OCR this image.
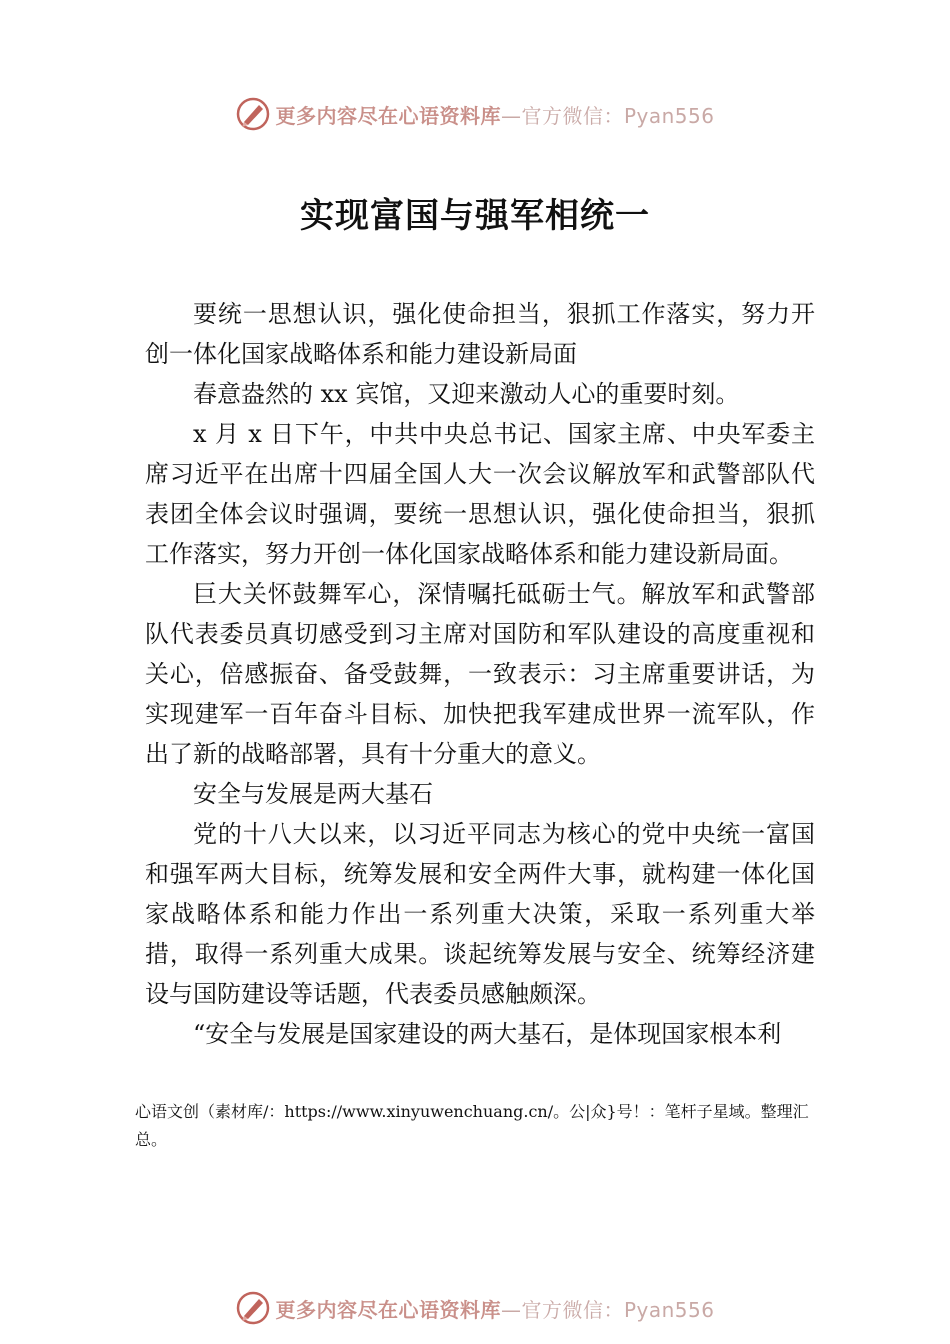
更多内容尽在心语资料库 —官方微信：Pyan556
实现富国与强军相统一

要统一思想认识，强化使命担当，狠抓工作落实，努力开创一体化国家战略体系和能力建设新局面

春意盎然的 xx 宾馆，又迎来激动人心的重要时刻。

x 月 x 日下午，中共中央总书记、国家主席、中央军委主席习近平在出席十四届全国人大一次会议解放军和武警部队代表团全体会议时强调，要统一思想认识，强化使命担当，狠抓工作落实，努力开创一体化国家战略体系和能力建设新局面。

巨大关怀鼓舞军心，深情嘱托砥砺士气。解放军和武警部队代表委员真切感受到习主席对国防和军队建设的高度重视和关心，倍感振奋、备受鼓舞，一致表示：习主席重要讲话，为实现建军一百年奋斗目标、加快把我军建成世界一流军队，作出了新的战略部署，具有十分重大的意义。

安全与发展是两大基石

党的十八大以来，以习近平同志为核心的党中央统一富国和强军两大目标，统筹发展和安全两件大事，就构建一体化国家战略体系和能力作出一系列重大决策，采取一系列重大举措，取得一系列重大成果。谈起统筹发展与安全、统筹经济建设与国防建设等话题，代表委员感触颇深。

“安全与发展是国家建设的两大基石，是体现国家根本利

心语文创（素材库/：https://www.xinyuwenchuang.cn/。公|众}号！：笔杆子星域。整理汇总。
更多内容尽在心语资料库 —官方微信：Pyan556
